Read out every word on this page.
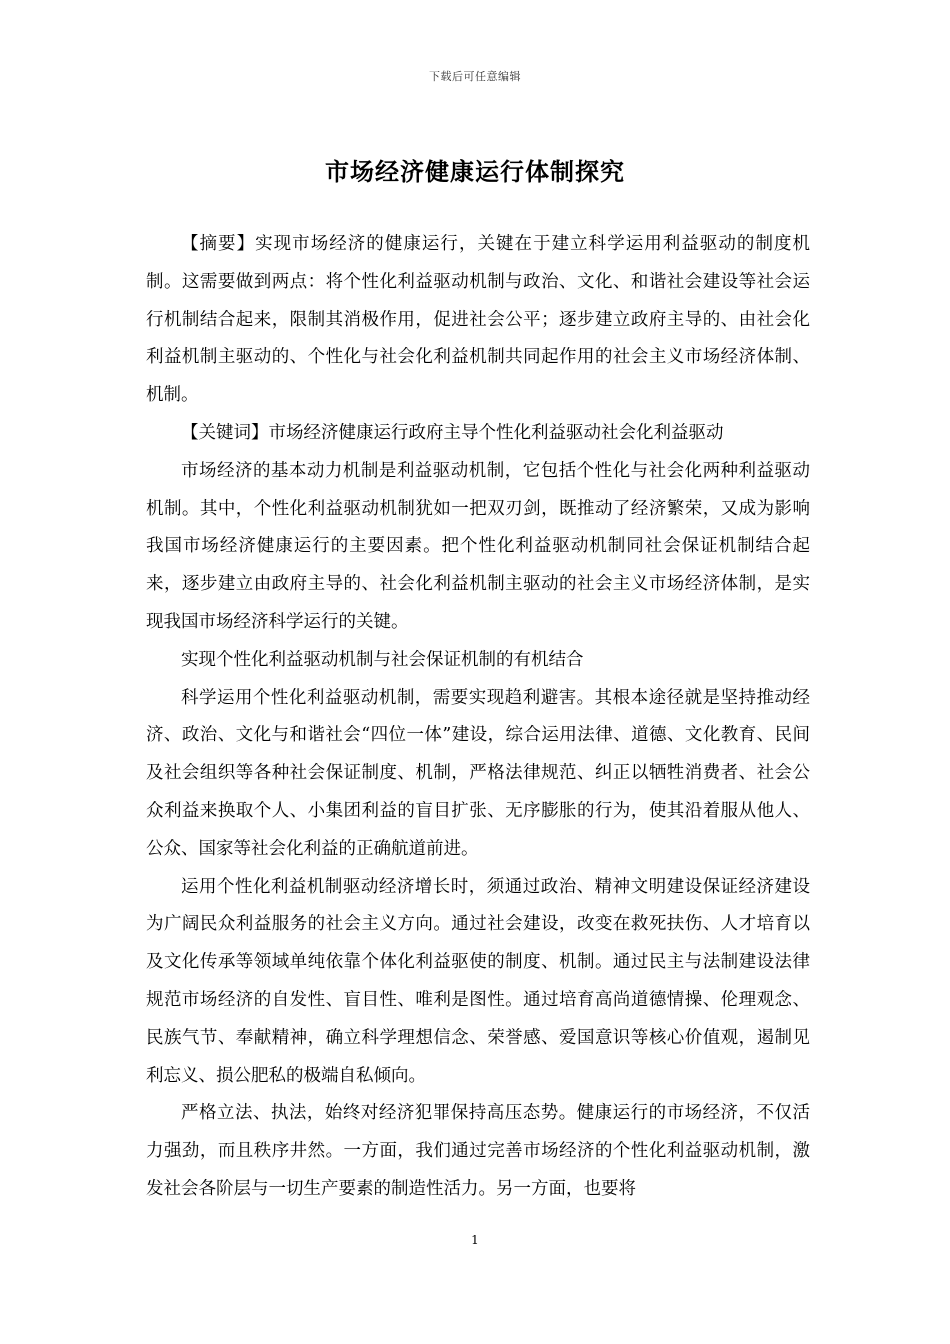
下载后可任意编辑
市场经济健康运行体制探究

【摘要】实现市场经济的健康运行，关键在于建立科学运用利益驱动的制度机制。这需要做到两点：将个性化利益驱动机制与政治、文化、和谐社会建设等社会运行机制结合起来，限制其消极作用，促进社会公平；逐步建立政府主导的、由社会化利益机制主驱动的、个性化与社会化利益机制共同起作用的社会主义市场经济体制、机制。

【关键词】市场经济健康运行政府主导个性化利益驱动社会化利益驱动

市场经济的基本动力机制是利益驱动机制，它包括个性化与社会化两种利益驱动机制。其中，个性化利益驱动机制犹如一把双刃剑，既推动了经济繁荣，又成为影响我国市场经济健康运行的主要因素。把个性化利益驱动机制同社会保证机制结合起来，逐步建立由政府主导的、社会化利益机制主驱动的社会主义市场经济体制，是实现我国市场经济科学运行的关键。

实现个性化利益驱动机制与社会保证机制的有机结合

科学运用个性化利益驱动机制，需要实现趋利避害。其根本途径就是坚持推动经济、政治、文化与和谐社会“四位一体”建设，综合运用法律、道德、文化教育、民间及社会组织等各种社会保证制度、机制，严格法律规范、纠正以牺牲消费者、社会公众利益来换取个人、小集团利益的盲目扩张、无序膨胀的行为，使其沿着服从他人、公众、国家等社会化利益的正确航道前进。

运用个性化利益机制驱动经济增长时，须通过政治、精神文明建设保证经济建设为广阔民众利益服务的社会主义方向。通过社会建设，改变在救死扶伤、人才培育以及文化传承等领域单纯依靠个体化利益驱使的制度、机制。通过民主与法制建设法律规范市场经济的自发性、盲目性、唯利是图性。通过培育高尚道德情操、伦理观念、民族气节、奉献精神，确立科学理想信念、荣誉感、爱国意识等核心价值观，遏制见利忘义、损公肥私的极端自私倾向。

严格立法、执法，始终对经济犯罪保持高压态势。健康运行的市场经济，不仅活力强劲，而且秩序井然。一方面，我们通过完善市场经济的个性化利益驱动机制，激发社会各阶层与一切生产要素的制造性活力。另一方面，也要将

1
